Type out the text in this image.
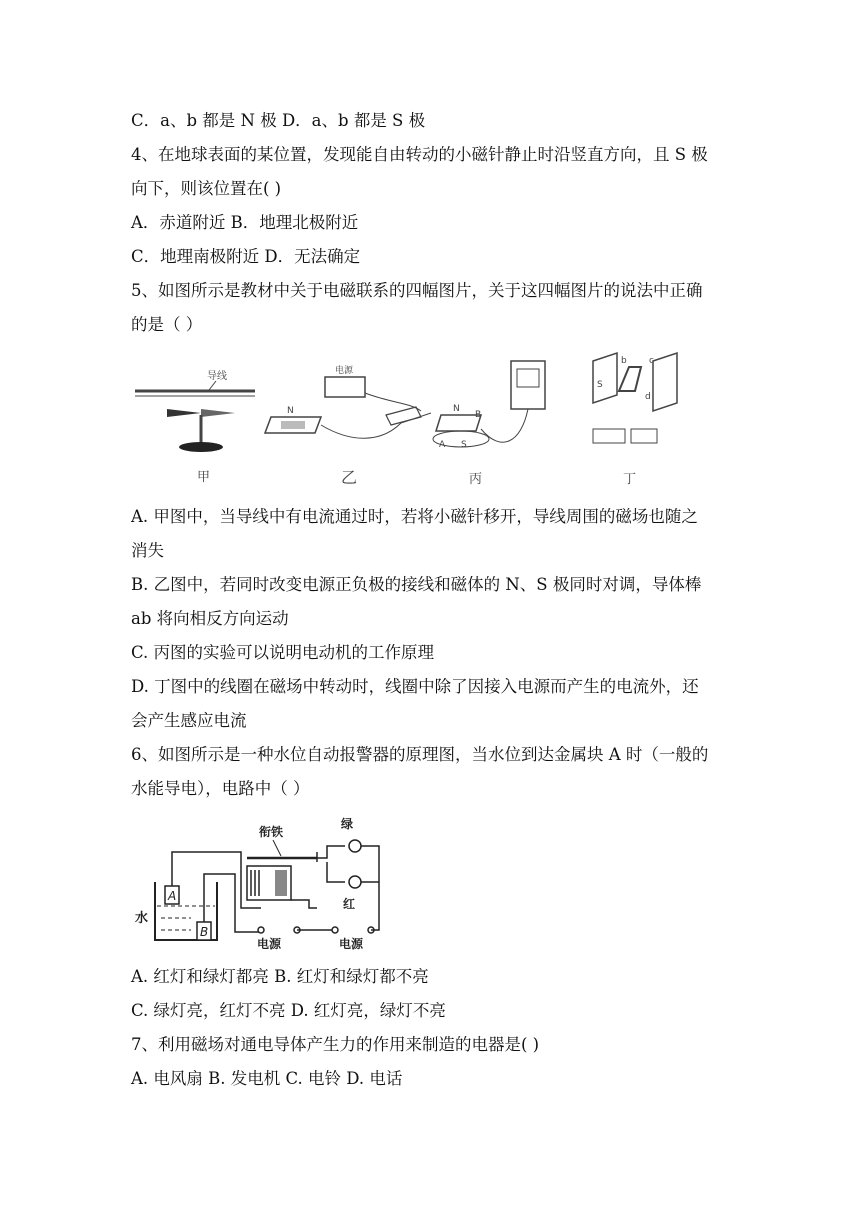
C．a、b 都是 N 极 D．a、b 都是 S 极
4、在地球表面的某位置，发现能自由转动的小磁针静止时沿竖直方向，且 S 极
向下，则该位置在( )
A．赤道附近 B．地理北极附近
C．地理南极附近 D．无法确定
5、如图所示是教材中关于电磁联系的四幅图片，关于这四幅图片的说法中正确
的是（ ）
导线
甲
电源
N
乙
N
B
A S
丙
S
b c
d
丁
A. 甲图中，当导线中有电流通过时，若将小磁针移开，导线周围的磁场也随之
消失
B. 乙图中，若同时改变电源正负极的接线和磁体的 N、S 极同时对调，导体棒
ab 将向相反方向运动
C. 丙图的实验可以说明电动机的工作原理
D. 丁图中的线圈在磁场中转动时，线圈中除了因接入电源而产生的电流外，还
会产生感应电流
6、如图所示是一种水位自动报警器的原理图，当水位到达金属块 A 时（一般的
水能导电），电路中（ ）
A
B
水
衔铁
电源
绿
红
电源
A. 红灯和绿灯都亮 B. 红灯和绿灯都不亮
C. 绿灯亮，红灯不亮 D. 红灯亮，绿灯不亮
7、利用磁场对通电导体产生力的作用来制造的电器是( )
A. 电风扇 B. 发电机 C. 电铃 D. 电话
